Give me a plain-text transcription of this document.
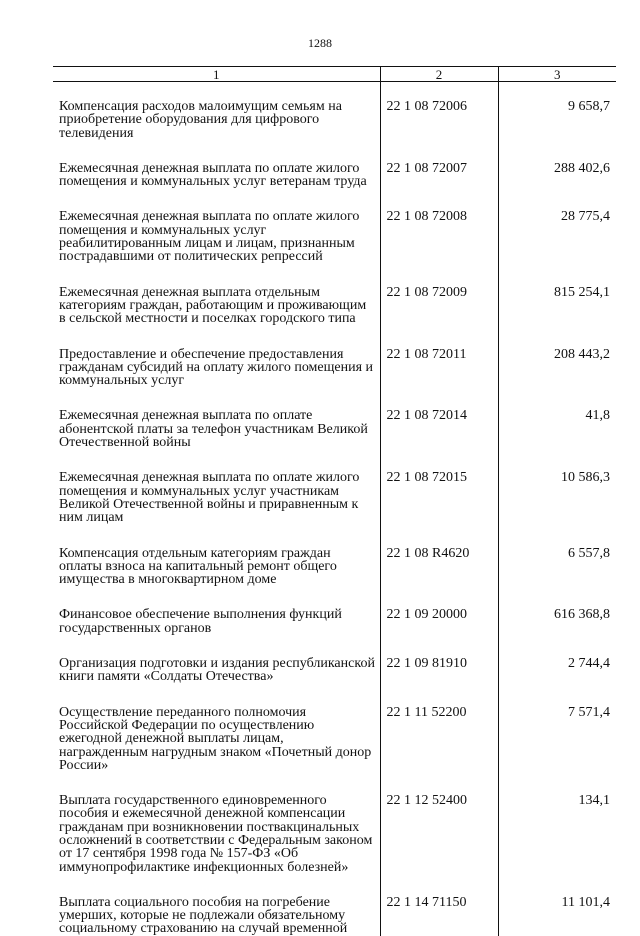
1288
1	2	3

Компенсация расходов малоимущим семьям на приобретение оборудования для цифрового телевидения	22 1 08 72006	9 658,7

Ежемесячная денежная выплата по оплате жилого помещения и коммунальных услуг ветеранам труда	22 1 08 72007	288 402,6

Ежемесячная денежная выплата по оплате жилого помещения и коммунальных услуг реабилитированным лицам и лицам, признанным пострадавшими от политических репрессий	22 1 08 72008	28 775,4

Ежемесячная денежная выплата отдельным категориям граждан, работающим и проживающим в сельской местности и поселках городского типа	22 1 08 72009	815 254,1

Предоставление и обеспечение предоставления гражданам субсидий на оплату жилого помещения и коммунальных услуг	22 1 08 72011	208 443,2

Ежемесячная денежная выплата по оплате абонентской платы за телефон участникам Великой Отечественной войны	22 1 08 72014	41,8

Ежемесячная денежная выплата по оплате жилого помещения и коммунальных услуг участникам Великой Отечественной войны и приравненным к ним лицам	22 1 08 72015	10 586,3

Компенсация отдельным категориям граждан оплаты взноса на капитальный ремонт общего имущества в многоквартирном доме	22 1 08 R4620	6 557,8

Финансовое обеспечение выполнения функций государственных органов	22 1 09 20000	616 368,8

Организация подготовки и издания республиканской книги памяти «Солдаты Отечества»	22 1 09 81910	2 744,4

Осуществление переданного полномочия Российской Федерации по осуществлению ежегодной денежной выплаты лицам, награжденным нагрудным знаком «Почетный донор России»	22 1 11 52200	7 571,4

Выплата государственного единовременного пособия и ежемесячной денежной компенсации гражданам при возникновении поствакцинальных осложнений в соответствии с Федеральным законом от 17 сентября 1998 года № 157-ФЗ «Об иммунопрофилактике инфекционных болезней»	22 1 12 52400	134,1

Выплата социального пособия на погребение умерших, которые не подлежали обязательному социальному страхованию на случай временной	22 1 14 71150	11 101,4
